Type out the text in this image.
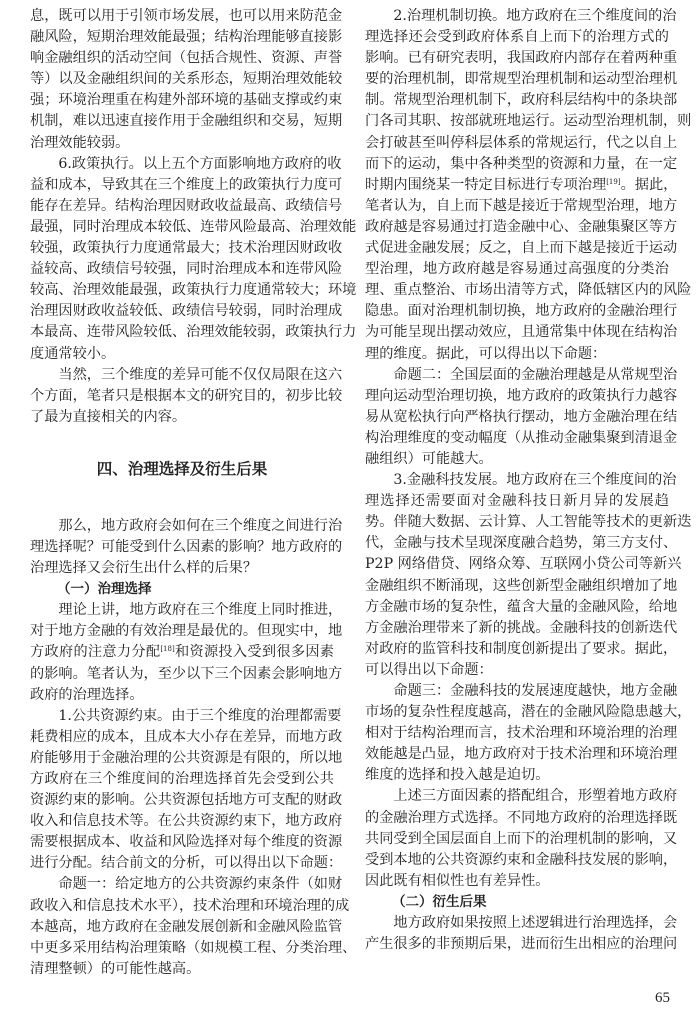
息，既可以用于引领市场发展，也可以用来防范金
融风险，短期治理效能最强；结构治理能够直接影
响金融组织的活动空间（包括合规性、资源、声誉
等）以及金融组织间的关系形态，短期治理效能较
强；环境治理重在构建外部环境的基础支撑或约束
机制，难以迅速直接作用于金融组织和交易，短期
治理效能较弱。
6.政策执行。以上五个方面影响地方政府的收
益和成本，导致其在三个维度上的政策执行力度可
能存在差异。结构治理因财政收益最高、政绩信号
最强，同时治理成本较低、连带风险最高、治理效能
较强，政策执行力度通常最大；技术治理因财政收
益较高、政绩信号较强，同时治理成本和连带风险
较高、治理效能最强，政策执行力度通常较大；环境
治理因财政收益较低、政绩信号较弱，同时治理成
本最高、连带风险较低、治理效能较弱，政策执行力
度通常较小。
当然，三个维度的差异可能不仅仅局限在这六
个方面，笔者只是根据本文的研究目的，初步比较
了最为直接相关的内容。
四、治理选择及衍生后果
那么，地方政府会如何在三个维度之间进行治
理选择呢？可能受到什么因素的影响？地方政府的
治理选择又会衍生出什么样的后果？
（一）治理选择
理论上讲，地方政府在三个维度上同时推进，
对于地方金融的有效治理是最优的。但现实中，地
方政府的注意力分配[18]和资源投入受到很多因素
的影响。笔者认为，至少以下三个因素会影响地方
政府的治理选择。
1.公共资源约束。由于三个维度的治理都需要
耗费相应的成本，且成本大小存在差异，而地方政
府能够用于金融治理的公共资源是有限的，所以地
方政府在三个维度间的治理选择首先会受到公共
资源约束的影响。公共资源包括地方可支配的财政
收入和信息技术等。在公共资源约束下，地方政府
需要根据成本、收益和风险选择对每个维度的资源
进行分配。结合前文的分析，可以得出以下命题：
命题一：给定地方的公共资源约束条件（如财
政收入和信息技术水平），技术治理和环境治理的成
本越高，地方政府在金融发展创新和金融风险监管
中更多采用结构治理策略（如规模工程、分类治理、
清理整顿）的可能性越高。
2.治理机制切换。地方政府在三个维度间的治
理选择还会受到政府体系自上而下的治理方式的
影响。已有研究表明，我国政府内部存在着两种重
要的治理机制，即常规型治理机制和运动型治理机
制。常规型治理机制下，政府科层结构中的条块部
门各司其职、按部就班地运行。运动型治理机制，则
会打破甚至叫停科层体系的常规运行，代之以自上
而下的运动，集中各种类型的资源和力量，在一定
时期内围绕某一特定目标进行专项治理[19]。据此，
笔者认为，自上而下越是接近于常规型治理，地方
政府越是容易通过打造金融中心、金融集聚区等方
式促进金融发展；反之，自上而下越是接近于运动
型治理，地方政府越是容易通过高强度的分类治
理、重点整治、市场出清等方式，降低辖区内的风险
隐患。面对治理机制切换，地方政府的金融治理行
为可能呈现出摆动效应，且通常集中体现在结构治
理的维度。据此，可以得出以下命题：
命题二：全国层面的金融治理越是从常规型治
理向运动型治理切换，地方政府的政策执行力越容
易从宽松执行向严格执行摆动，地方金融治理在结
构治理维度的变动幅度（从推动金融集聚到清退金
融组织）可能越大。
3.金融科技发展。地方政府在三个维度间的治
理选择还需要面对金融科技日新月异的发展趋
势。伴随大数据、云计算、人工智能等技术的更新迭
代，金融与技术呈现深度融合趋势，第三方支付、
P2P 网络借贷、网络众筹、互联网小贷公司等新兴
金融组织不断涌现，这些创新型金融组织增加了地
方金融市场的复杂性，蕴含大量的金融风险，给地
方金融治理带来了新的挑战。金融科技的创新迭代
对政府的监管科技和制度创新提出了要求。据此，
可以得出以下命题：
命题三：金融科技的发展速度越快，地方金融
市场的复杂性程度越高，潜在的金融风险隐患越大，
相对于结构治理而言，技术治理和环境治理的治理
效能越是凸显，地方政府对于技术治理和环境治理
维度的选择和投入越是迫切。
上述三方面因素的搭配组合，形塑着地方政府
的金融治理方式选择。不同地方政府的治理选择既
共同受到全国层面自上而下的治理机制的影响，又
受到本地的公共资源约束和金融科技发展的影响，
因此既有相似性也有差异性。
（二）衍生后果
地方政府如果按照上述逻辑进行治理选择，会
产生很多的非预期后果，进而衍生出相应的治理问
65
